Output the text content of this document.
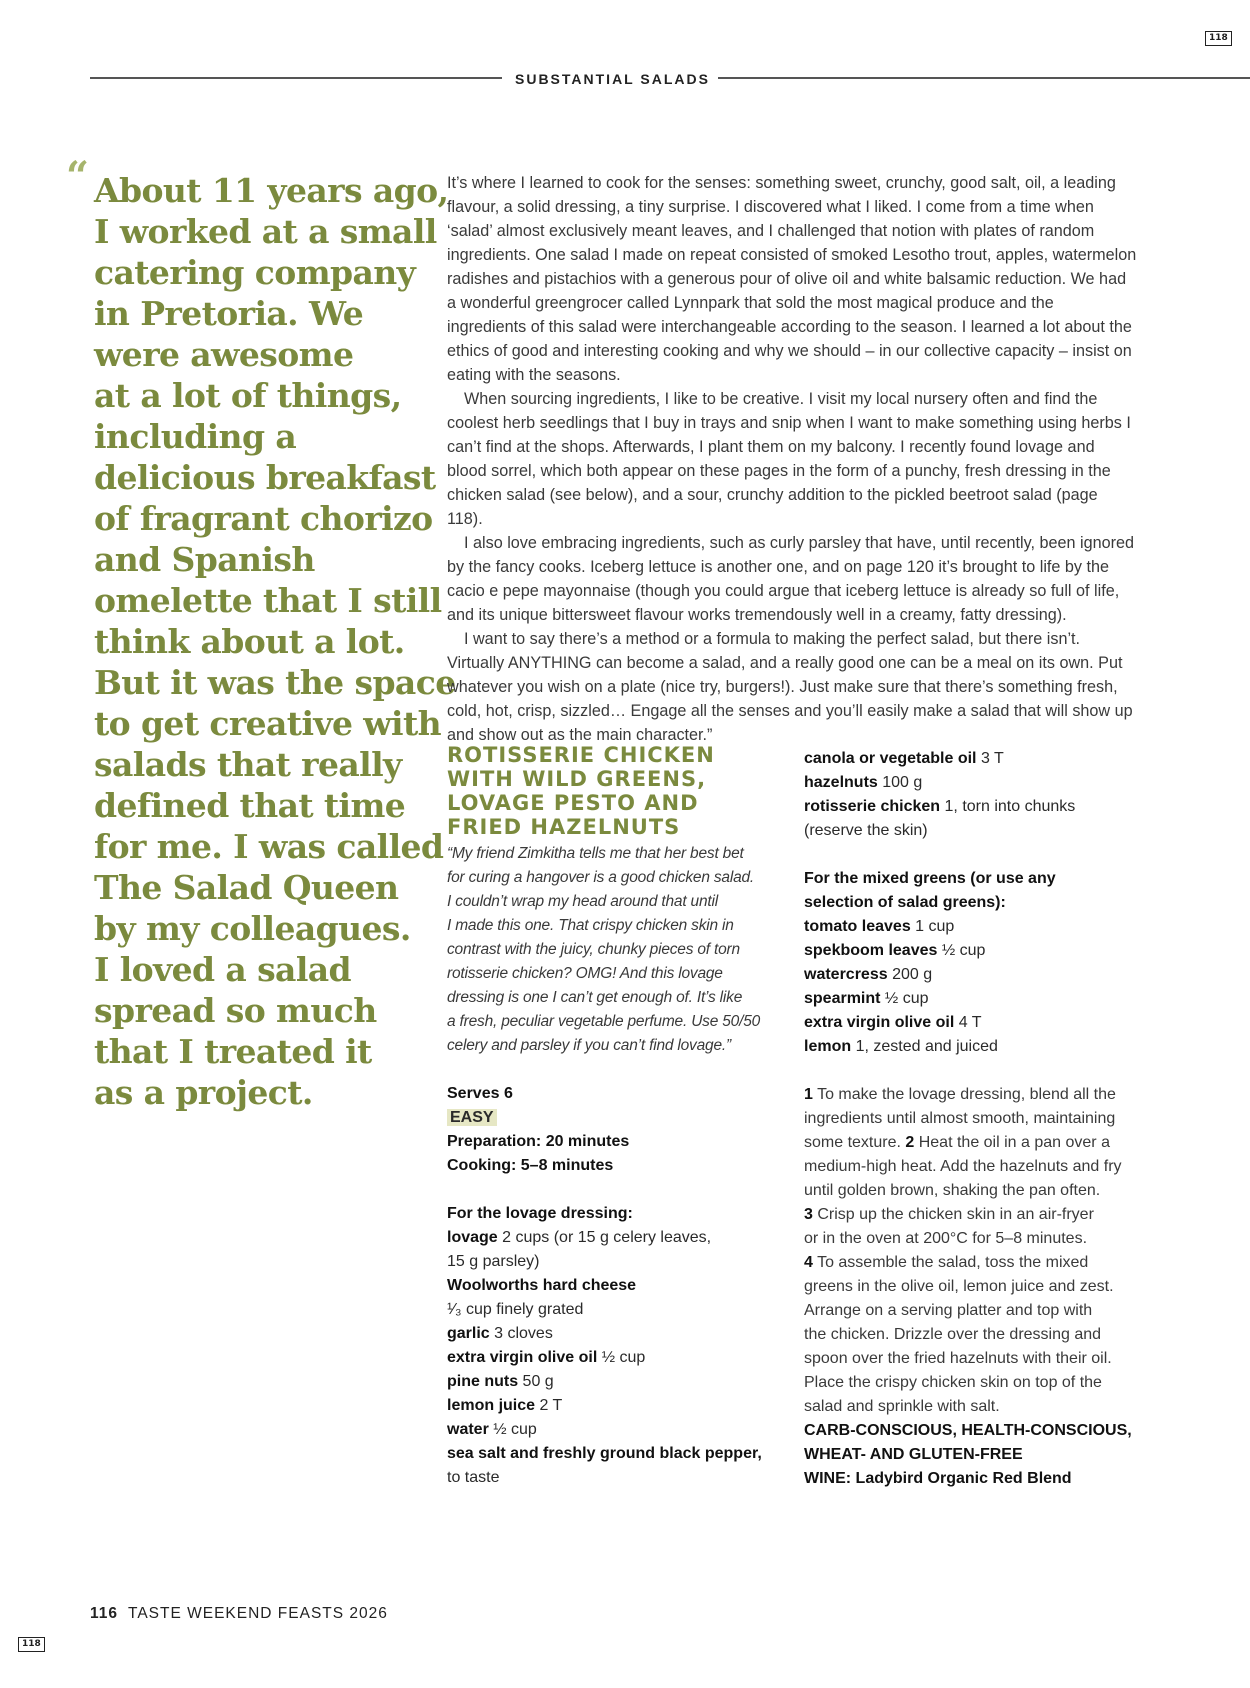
118
SUBSTANTIAL SALADS
“ About 11 years ago,
I worked at a small
catering company
in Pretoria. We
were awesome
at a lot of things,
including a
delicious breakfast
of fragrant chorizo
and Spanish
omelette that I still
think about a lot.
But it was the space
to get creative with
salads that really
defined that time
for me. I was called
The Salad Queen
by my colleagues.
I loved a salad
spread so much
that I treated it
as a project.

It’s where I learned to cook for the senses: something sweet, crunchy, good salt, oil, a leading flavour, a solid dressing, a tiny surprise. I discovered what I liked. I come from a time when ‘salad’ almost exclusively meant leaves, and I challenged that notion with plates of random ingredients. One salad I made on repeat consisted of smoked Lesotho trout, apples, watermelon radishes and pistachios with a generous pour of olive oil and white balsamic reduction. We had a wonderful greengrocer called Lynnpark that sold the most magical produce and the ingredients of this salad were interchangeable according to the season. I learned a lot about the ethics of good and interesting cooking and why we should – in our collective capacity – insist on eating with the seasons.

When sourcing ingredients, I like to be creative. I visit my local nursery often and find the coolest herb seedlings that I buy in trays and snip when I want to make something using herbs I can’t find at the shops. Afterwards, I plant them on my balcony. I recently found lovage and blood sorrel, which both appear on these pages in the form of a punchy, fresh dressing in the chicken salad (see below), and a sour, crunchy addition to the pickled beetroot salad (page 118).

I also love embracing ingredients, such as curly parsley that have, until recently, been ignored by the fancy cooks. Iceberg lettuce is another one, and on page 120 it’s brought to life by the cacio e pepe mayonnaise (though you could argue that iceberg lettuce is already so full of life, and its unique bittersweet flavour works tremendously well in a creamy, fatty dressing).

I want to say there’s a method or a formula to making the perfect salad, but there isn’t. Virtually ANYTHING can become a salad, and a really good one can be a meal on its own. Put whatever you wish on a plate (nice try, burgers!). Just make sure that there’s something fresh, cold, hot, crisp, sizzled… Engage all the senses and you’ll easily make a salad that will show up and show out as the main character.”

ROTISSERIE CHICKEN
WITH WILD GREENS,
LOVAGE PESTO AND
FRIED HAZELNUTS
“My friend Zimkitha tells me that her best bet
for curing a hangover is a good chicken salad.
I couldn’t wrap my head around that until
I made this one. That crispy chicken skin in
contrast with the juicy, chunky pieces of torn
rotisserie chicken? OMG! And this lovage
dressing is one I can’t get enough of. It’s like
a fresh, peculiar vegetable perfume. Use 50/50
celery and parsley if you can’t find lovage.”
Serves 6
EASY
Preparation: 20 minutes
Cooking: 5–8 minutes
For the lovage dressing:
lovage 2 cups (or 15 g celery leaves,
15 g parsley)
Woolworths hard cheese
¹⁄₃ cup finely grated
garlic 3 cloves
extra virgin olive oil ½ cup
pine nuts 50 g
lemon juice 2 T
water ½ cup
sea salt and freshly ground black pepper,
to taste
canola or vegetable oil 3 T
hazelnuts 100 g
rotisserie chicken 1, torn into chunks
(reserve the skin)
For the mixed greens (or use any
selection of salad greens):
tomato leaves 1 cup
spekboom leaves ½ cup
watercress 200 g
spearmint ½ cup
extra virgin olive oil 4 T
lemon 1, zested and juiced
1 To make the lovage dressing, blend all the
ingredients until almost smooth, maintaining
some texture. 2 Heat the oil in a pan over a
medium-high heat. Add the hazelnuts and fry
until golden brown, shaking the pan often.
3 Crisp up the chicken skin in an air-fryer
or in the oven at 200°C for 5–8 minutes.
4 To assemble the salad, toss the mixed
greens in the olive oil, lemon juice and zest.
Arrange on a serving platter and top with
the chicken. Drizzle over the dressing and
spoon over the fried hazelnuts with their oil.
Place the crispy chicken skin on top of the
salad and sprinkle with salt.
CARB-CONSCIOUS, HEALTH-CONSCIOUS,
WHEAT- AND GLUTEN-FREE
WINE: Ladybird Organic Red Blend
116 TASTE WEEKEND FEASTS 2026
118
